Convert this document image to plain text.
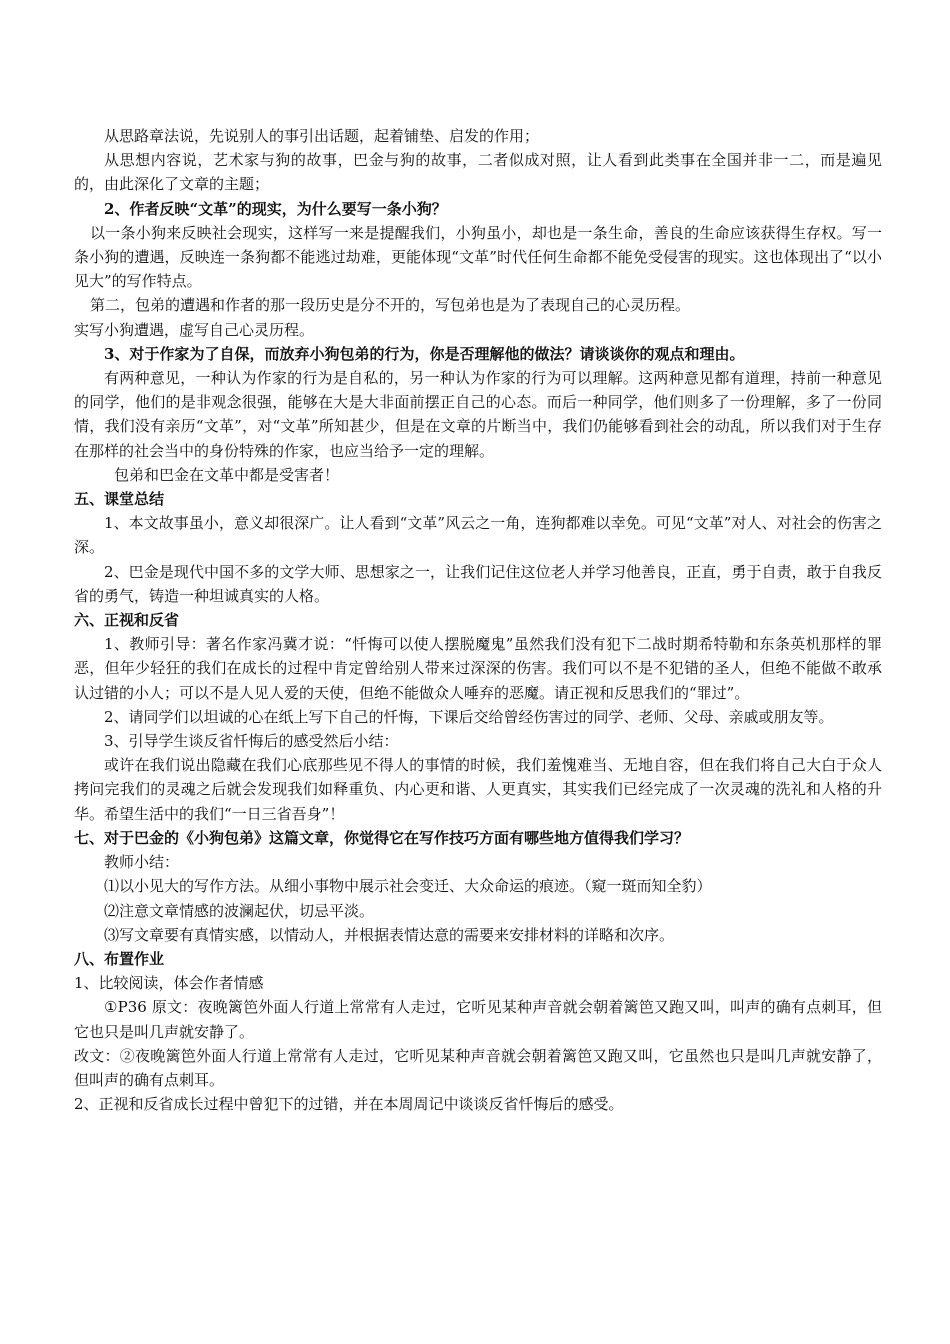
从思路章法说，先说别人的事引出话题，起着铺垫、启发的作用；

从思想内容说，艺术家与狗的故事，巴金与狗的故事，二者似成对照，让人看到此类事在全国并非一二，而是遍见的，由此深化了文章的主题；

2、作者反映“文革”的现实，为什么要写一条小狗？

以一条小狗来反映社会现实，这样写一来是提醒我们，小狗虽小，却也是一条生命，善良的生命应该获得生存权。写一条小狗的遭遇，反映连一条狗都不能逃过劫难，更能体现“文革”时代任何生命都不能免受侵害的现实。这也体现出了“以小见大”的写作特点。

第二，包弟的遭遇和作者的那一段历史是分不开的，写包弟也是为了表现自己的心灵历程。

实写小狗遭遇，虚写自己心灵历程。

3、对于作家为了自保，而放弃小狗包弟的行为，你是否理解他的做法？请谈谈你的观点和理由。

有两种意见，一种认为作家的行为是自私的，另一种认为作家的行为可以理解。这两种意见都有道理，持前一种意见的同学，他们的是非观念很强，能够在大是大非面前摆正自己的心态。而后一种同学，他们则多了一份理解，多了一份同情，我们没有亲历“文革”，对“文革”所知甚少，但是在文章的片断当中，我们仍能够看到社会的动乱，所以我们对于生存在那样的社会当中的身份特殊的作家，也应当给予一定的理解。

包弟和巴金在文革中都是受害者！

五、课堂总结

1、本文故事虽小，意义却很深广。让人看到“文革”风云之一角，连狗都难以幸免。可见“文革”对人、对社会的伤害之深。

2、巴金是现代中国不多的文学大师、思想家之一，让我们记住这位老人并学习他善良，正直，勇于自责，敢于自我反省的勇气，铸造一种坦诚真实的人格。

六、正视和反省

1、教师引导：著名作家冯冀才说：“忏悔可以使人摆脱魔鬼”虽然我们没有犯下二战时期希特勒和东条英机那样的罪恶，但年少轻狂的我们在成长的过程中肯定曾给别人带来过深深的伤害。我们可以不是不犯错的圣人，但绝不能做不敢承认过错的小人；可以不是人见人爱的天使，但绝不能做众人唾弃的恶魔。请正视和反思我们的“罪过”。

2、请同学们以坦诚的心在纸上写下自己的忏悔，下课后交给曾经伤害过的同学、老师、父母、亲戚或朋友等。

3、引导学生谈反省忏悔后的感受然后小结：

或许在我们说出隐藏在我们心底那些见不得人的事情的时候，我们羞愧难当、无地自容，但在我们将自己大白于众人拷问完我们的灵魂之后就会发现我们如释重负、内心更和谐、人更真实，其实我们已经完成了一次灵魂的洗礼和人格的升华。希望生活中的我们“一日三省吾身”！

七、对于巴金的《小狗包弟》这篇文章，你觉得它在写作技巧方面有哪些地方值得我们学习？

教师小结：

⑴以小见大的写作方法。从细小事物中展示社会变迁、大众命运的痕迹。（窥一斑而知全豹）

⑵注意文章情感的波澜起伏，切忌平淡。

⑶写文章要有真情实感，以情动人，并根据表情达意的需要来安排材料的详略和次序。

八、布置作业

1、比较阅读，体会作者情感

①P36 原文：夜晚篱笆外面人行道上常常有人走过，它听见某种声音就会朝着篱笆又跑又叫，叫声的确有点刺耳，但它也只是叫几声就安静了。

改文：②夜晚篱笆外面人行道上常常有人走过，它听见某种声音就会朝着篱笆又跑又叫，它虽然也只是叫几声就安静了，但叫声的确有点刺耳。

2、正视和反省成长过程中曾犯下的过错，并在本周周记中谈谈反省忏悔后的感受。
